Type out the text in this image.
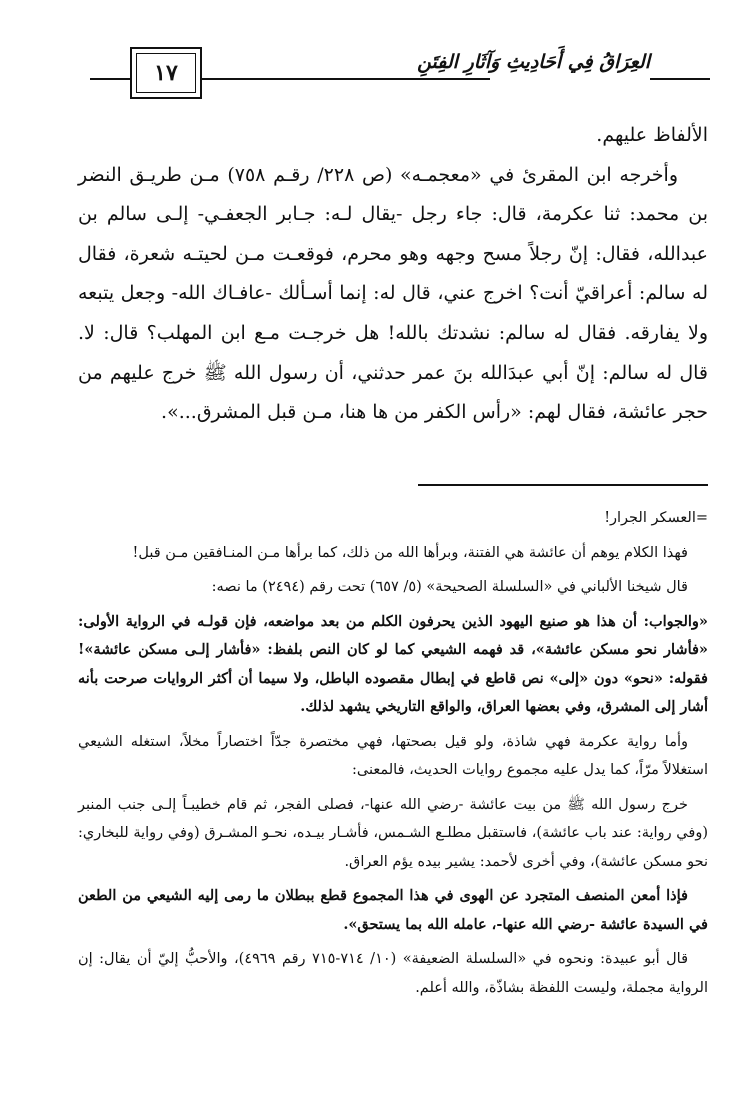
١٧	العِرَاقُ فِي أَحَادِيثِ وَآثَارِ الفِتَنِ

الألفاظ عليهم.

وأخرجه ابن المقرئ في «معجمـه» (ص ٢٢٨/ رقـم ٧٥٨) مـن طريـق النضر بن محمد: ثنا عكرمة، قال: جاء رجل -يقال لـه: جـابر الجعفـي- إلـى سالم بن عبدالله، فقال: إنّ رجلاً مسح وجهه وهو محرم، فوقعـت مـن لحيتـه شعرة، فقال له سالم: أعراقيّ أنت؟ اخرج عني، قال له: إنما أسـألك -عافـاك الله- وجعل يتبعه ولا يفارقه. فقال له سالم: نشدتك بالله! هل خرجـت مـع ابن المهلب؟ قال: لا. قال له سالم: إنّ أبي عبدَالله بنَ عمر حدثني، أن رسول الله ﷺ خرج عليهم من حجر عائشة، فقال لهم: «رأس الكفر من ها هنا، مـن قبل المشرق...».

=العسكر الجرار!

فهذا الكلام يوهم أن عائشة هي الفتنة، وبرأها الله من ذلك، كما برأها مـن المنـافقين مـن قبل!

قال شيخنا الألباني في «السلسلة الصحيحة» (٥/ ٦٥٧) تحت رقم (٢٤٩٤) ما نصه:

«والجواب: أن هذا هو صنيع اليهود الذين يحرفون الكلم من بعد مواضعه، فإن قولـه في الرواية الأولى: «فأشار نحو مسكن عائشة»، قد فهمه الشيعي كما لو كان النص بلفظ: «فأشار إلـى مسكن عائشة»! فقوله: «نحو» دون «إلى» نص قاطع في إبطال مقصوده الباطل، ولا سيما أن أكثر الروايات صرحت بأنه أشار إلى المشرق، وفي بعضها العراق، والواقع التاريخي يشهد لذلك.

وأما رواية عكرمة فهي شاذة، ولو قيل بصحتها، فهي مختصرة جدّاً اختصاراً مخلاً، استغله الشيعي استغلالاً مرّاً، كما يدل عليه مجموع روايات الحديث، فالمعنى:

خرج رسول الله ﷺ من بيت عائشة -رضي الله عنها-، فصلى الفجر، ثم قام خطيبـاً إلـى جنب المنبر (وفي رواية: عند باب عائشة)، فاستقبل مطلـع الشـمس، فأشـار بيـده، نحـو المشـرق (وفي رواية للبخاري: نحو مسكن عائشة)، وفي أخرى لأحمد: يشير بيده يؤم العراق.

فإذا أمعن المنصف المتجرد عن الهوى في هذا المجموع قطع ببطلان ما رمى إليه الشيعي من الطعن في السيدة عائشة -رضي الله عنها-، عامله الله بما يستحق».

قال أبو عبيدة: ونحوه في «السلسلة الضعيفة» (١٠/ ٧١٤-٧١٥ رقم ٤٩٦٩)، والأحبُّ إليّ أن يقال: إن الرواية مجملة، وليست اللفظة بشاذّة، والله أعلم.
